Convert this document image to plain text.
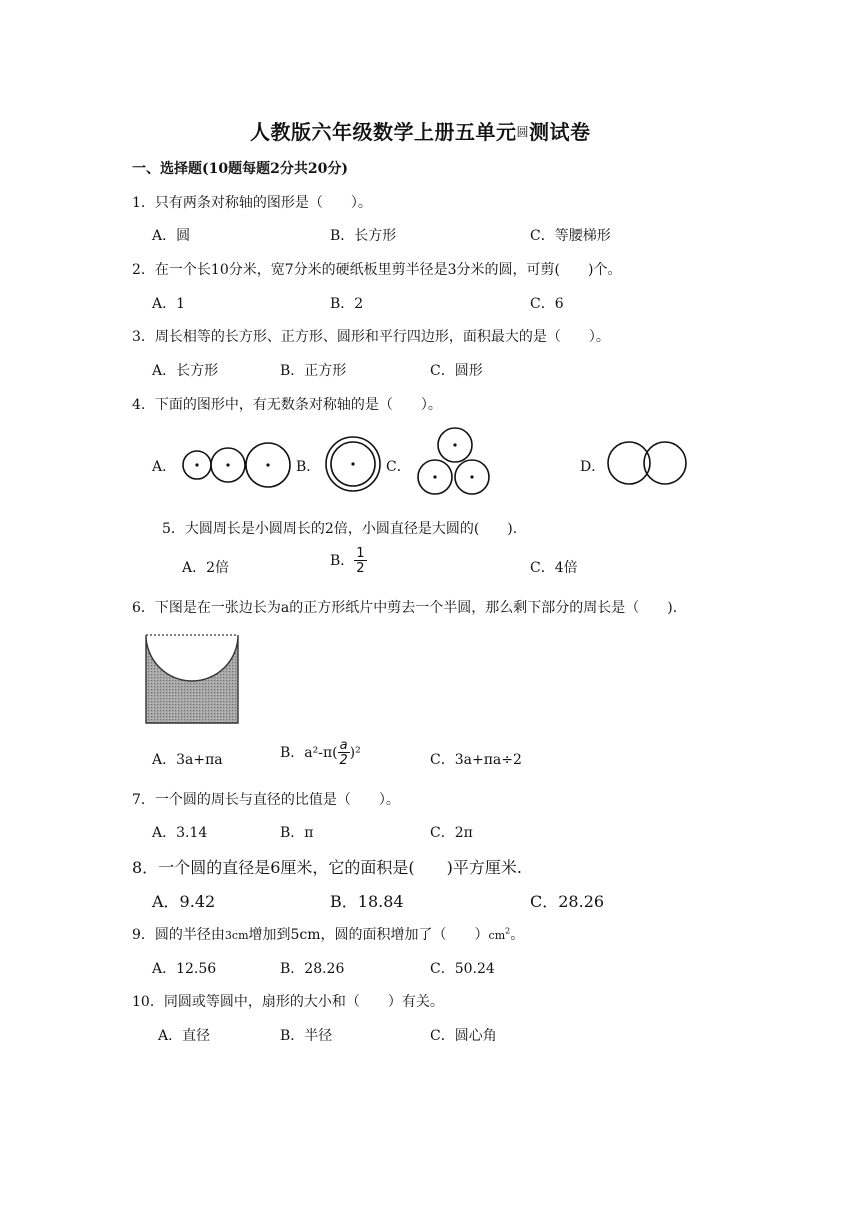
人教版六年级数学上册五单元圆测试卷
一、选择题(10题每题2分共20分)
1．只有两条对称轴的图形是（　　）。
A．圆	B．长方形	C．等腰梯形
2．在一个长10分米，宽7分米的硬纸板里剪半径是3分米的圆，可剪(　　)个。
A．1	B．2	C．6
3．周长相等的长方形、正方形、圆形和平行四边形，面积最大的是（　　）。
A．长方形	B．正方形	C．圆形
4．下面的图形中，有无数条对称轴的是（　　）。
A．	B．	C．	D．
5．大圆周长是小圆周长的2倍，小圆直径是大圆的(　　).
A．2倍	B． $\frac{1}{2}$	C．4倍
6．下图是在一张边长为a的正方形纸片中剪去一个半圆，那么剩下部分的周长是（　　).
A．3a+πa	B．$a^2-\pi( \frac{a}{2} )^2$	C．3a+πa÷2
7．一个圆的周长与直径的比值是（　　）。
A．3.14	B．π	C．2π
8．一个圆的直径是6厘米，它的面积是(　　)平方厘米.
A．9.42	B．18.84	C．28.26
9．圆的半径由3cm增加到5cm，圆的面积增加了（　　）$cm^2$。
A．12.56	B．28.26	C．50.24
10．同圆或等圆中，扇形的大小和（　　）有关。
A．直径	B．半径	C．圆心角
